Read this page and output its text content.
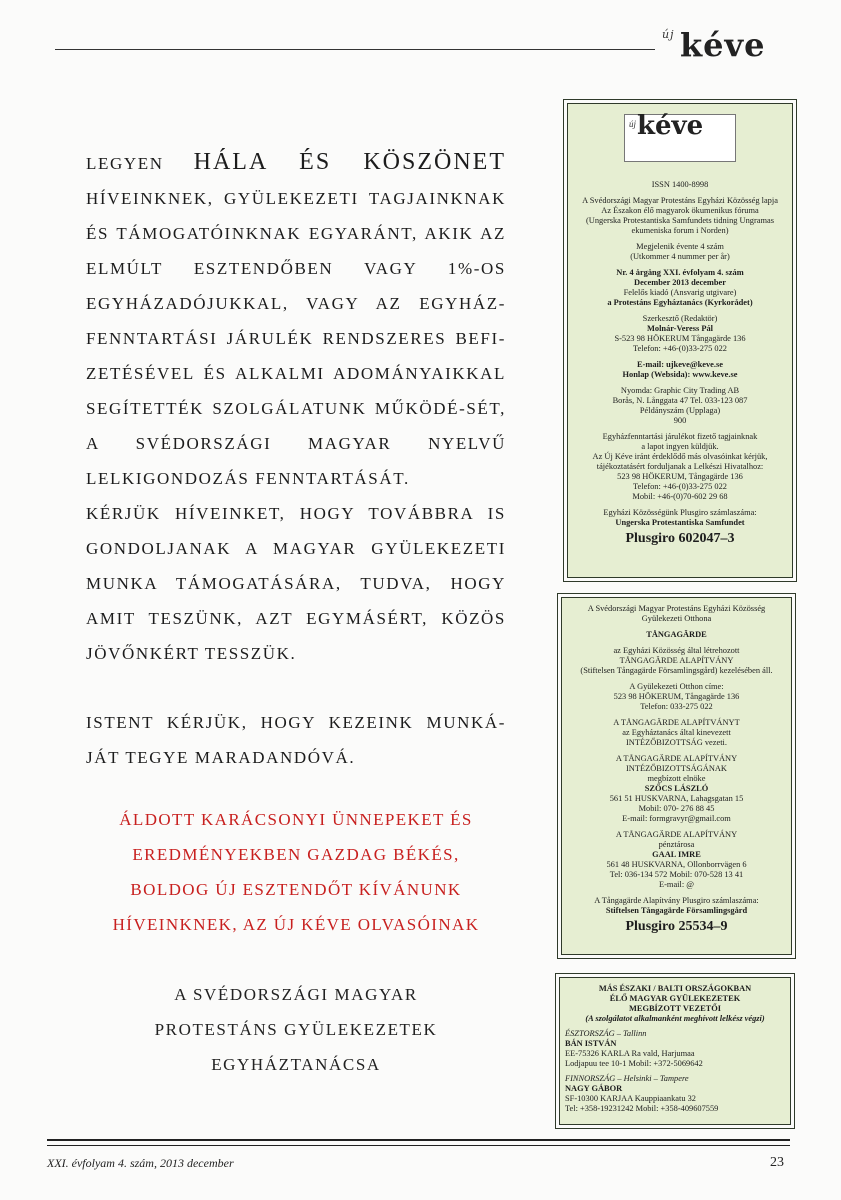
új kéve

LEGYEN HÁLA ÉS KÖSZÖNET HÍVEINKNEK, GYÜLEKEZETI TAGJAINKNAK ÉS TÁMOGATÓINKNAK EGYARÁNT, AKIK AZ ELMÚLT ESZTENDŐBEN VAGY 1%-OS EGYHÁZADÓJUKKAL, VAGY AZ EGYHÁZ-FENNTARTÁSI JÁRULÉK RENDSZERES BEFI-ZETÉSÉVEL ÉS ALKALMI ADOMÁNYAIKKAL SEGÍTETTÉK SZOLGÁLATUNK MŰKÖDÉ-SÉT, A SVÉDORSZÁGI MAGYAR NYELVŰ LELKIGONDOZÁS FENNTARTÁSÁT.

KÉRJÜK HÍVEINKET, HOGY TOVÁBBRA IS GONDOLJANAK A MAGYAR GYÜLEKEZETI MUNKA TÁMOGATÁSÁRA, TUDVA, HOGY AMIT TESZÜNK, AZT EGYMÁSÉRT, KÖZÖS JÖVŐNKÉRT TESSZÜK.

ISTENT KÉRJÜK, HOGY KEZEINK MUNKÁ-JÁT TEGYE MARADANDÓVÁ.

ÁLDOTT KARÁCSONYI ÜNNEPEKET ÉS
EREDMÉNYEKBEN GAZDAG BÉKÉS,
BOLDOG ÚJ ESZTENDŐT KÍVÁNUNK
HÍVEINKNEK, AZ ÚJ KÉVE OLVASÓINAK
A SVÉDORSZÁGI MAGYAR
PROTESTÁNS GYÜLEKEZETEK
EGYHÁZTANÁCSA
új kéve
ISSN 1400-8998
A Svédországi Magyar Protestáns Egyházi Közösség lapja
Az Északon élő magyarok ökumenikus fóruma
(Ungerska Protestantiska Samfundets tidning Ungramas ekumeniska forum i Norden)
Megjelenik évente 4 szám
(Utkommer 4 nummer per år)
Nr. 4 årgång XXI. évfolyam 4. szám
December 2013 december
Felelős kiadó (Ansvarig utgivare)
a Protestáns Egyháztanács (Kyrkorådet)
Szerkesztő (Redaktör)
Molnár-Veress Pál
S-523 98 HÖKERUM Tångagärde 136
Telefon: +46-(0)33-275 022
E-mail: ujkeve@keve.se
Honlap (Websida): www.keve.se
Nyomda: Graphic City Trading AB
Borås, N. Långgata 47 Tel. 033-123 087
Példányszám (Upplaga)
900
Egyházfenntartási járulékot fizető tagjainknak
a lapot ingyen küldjük.
Az Új Kéve iránt érdeklődő más olvasóinkat kérjük,
tájékoztatásért forduljanak a Lelkészi Hivatalhoz:
523 98 HÖKERUM, Tångagärde 136
Telefon: +46-(0)33-275 022
Mobil: +46-(0)70-602 29 68
Egyházi Közösségünk Plusgiro számlaszáma:
Ungerska Protestantiska Samfundet
Plusgiro 602047–3
A Svédországi Magyar Protestáns Egyházi Közösség
Gyülekezeti Otthona
TÅNGAGÄRDE
az Egyházi Közösség által létrehozott
TÅNGAGÄRDE ALAPÍTVÁNY
(Stiftelsen Tångagärde Församlingsgård) kezelésében áll.
A Gyülekezeti Otthon címe:
523 98 HÖKERUM, Tångagärde 136
Telefon: 033-275 022
A TÅNGAGÄRDE ALAPÍTVÁNYT
az Egyháztanács által kinevezett
INTÉZŐBIZOTTSÁG vezeti.
A TÅNGAGÄRDE ALAPÍTVÁNY
INTÉZŐBIZOTTSÁGÁNAK
megbízott elnöke
SZŐCS LÁSZLÓ
561 51 HUSKVARNA, Lahagsgatan 15
Mobil: 070- 276 88 45
E-mail: formgravyr@gmail.com
A TÅNGAGÄRDE ALAPÍTVÁNY
pénztárosa
GAAL IMRE
561 48 HUSKVARNA, Ollonborrvägen 6
Tel: 036-134 572 Mobil: 070-528 13 41
E-mail: @
A Tångagärde Alapítvány Plusgiro számlaszáma:
Stiftelsen Tångagärde Församlingsgård
Plusgiro 25534–9
MÁS ÉSZAKI / BALTI ORSZÁGOKBAN
ÉLŐ MAGYAR GYÜLEKEZETEK
MEGBÍZOTT VEZETŐI
(A szolgálatot alkalmanként meghívott lelkész végzi)
ÉSZTORSZÁG – Tallinn
BÁN ISTVÁN
EE-75326 KARLA Ra vald, Harjumaa
Lodjapuu tee 10-1 Mobil: +372-5069642
FINNORSZÁG – Helsinki – Tampere
NAGY GÁBOR
SF-10300 KARJAA Kauppiaankatu 32
Tel: +358-19231242 Mobil: +358-409607559
XXI. évfolyam 4. szám, 2013 december	23
